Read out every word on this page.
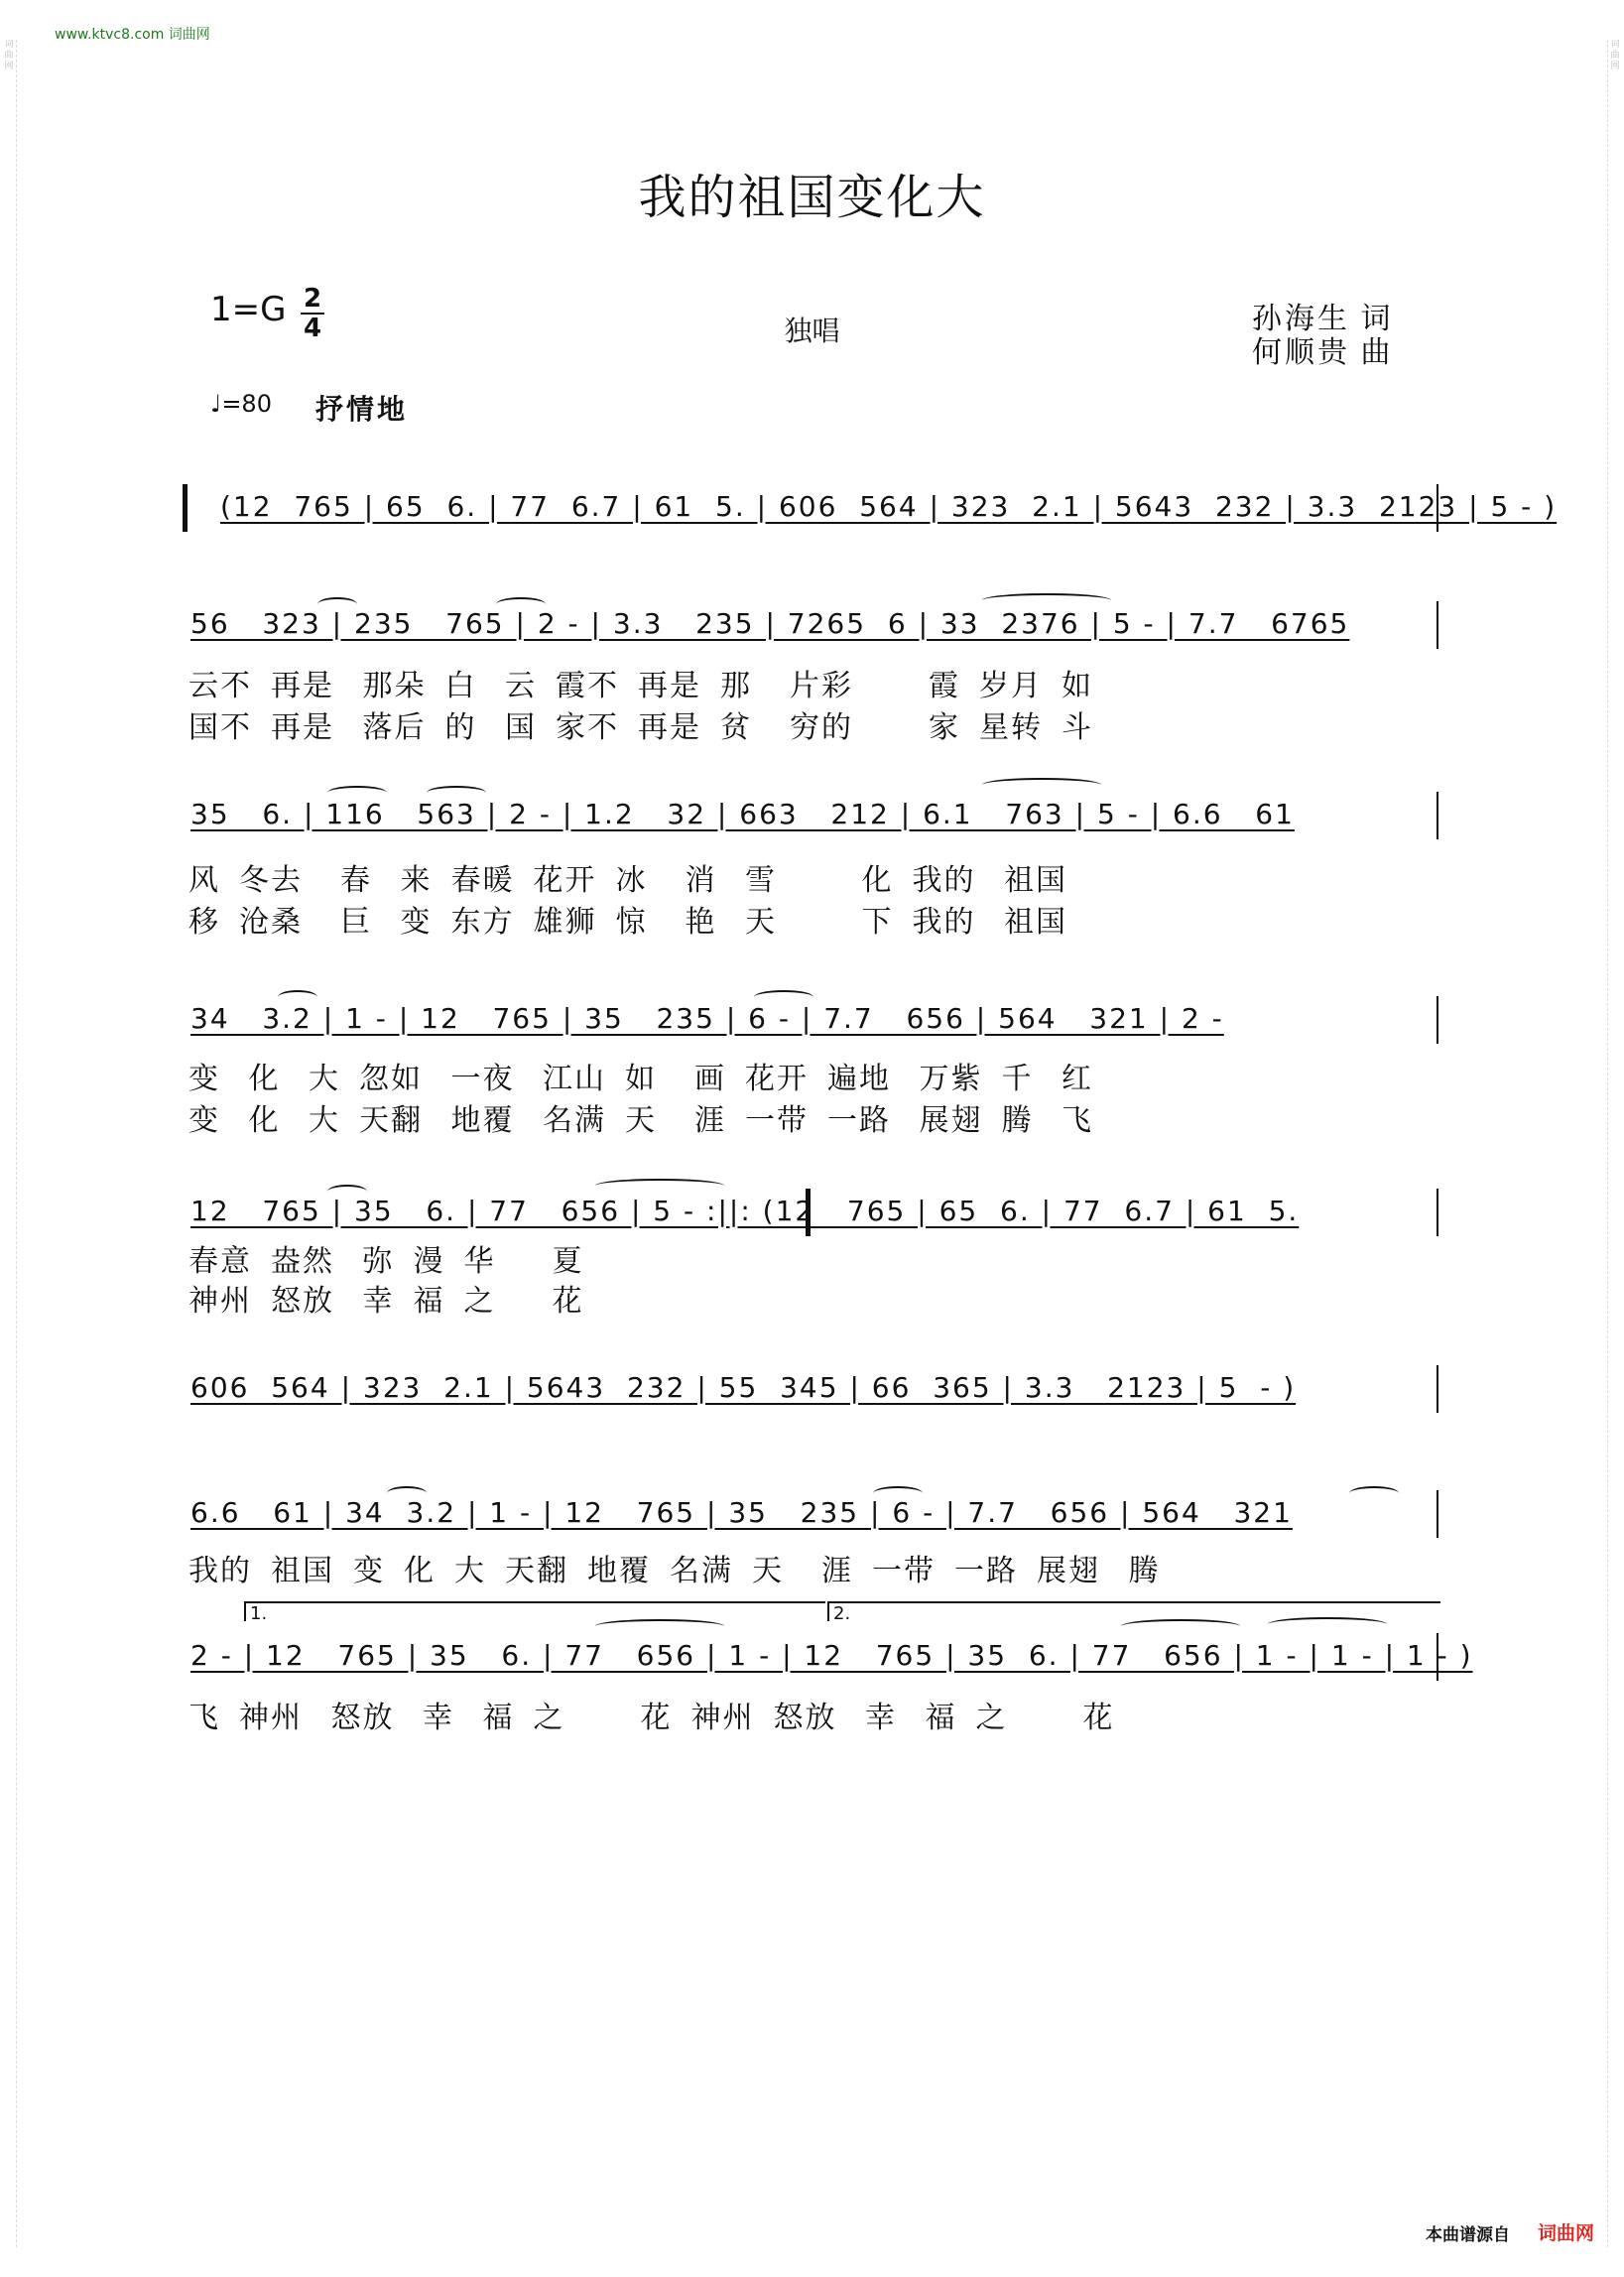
www.ktvc8.com 词曲网
词曲网
词曲网
我的祖国变化大
1=G 2
4	独唱	孙海生 词
何顺贵 曲
♩=80 抒情地
(12  765 | 65  6. | 77  6.7 | 61  5. | 606  564 | 323  2.1 | 5643  232 | 3.3  2123 | 5 - )
56   323 | 235   765 | 2 - | 3.3   235 | 7265  6 | 33  2376 | 5 - | 7.7   6765
云不  再是   那朵  白   云  霞不  再是  那    片彩        霞  岁月  如
国不  再是   落后  的   国  家不  再是  贫    穷的        家  星转  斗
35   6. | 116   563 | 2 - | 1.2   32 | 663   212 | 6.1   763 | 5 - | 6.6   61
风  冬去    春   来  春暖  花开  冰    消   雪         化  我的   祖国
移  沧桑    巨   变  东方  雄狮  惊    艳   天         下  我的   祖国
34   3.2 | 1 - | 12   765 | 35   235 | 6 - | 7.7   656 | 564   321 | 2 -
变   化   大  忽如   一夜   江山  如    画  花开  遍地   万紫  千   红
变   化   大  天翻   地覆   名满  天    涯  一带  一路   展翅  腾   飞
12   765 | 35   6. | 77   656 | 5 - :||: (12   765 | 65  6. | 77  6.7 | 61  5.
春意  盎然   弥  漫  华      夏
神州  怒放   幸  福  之      花
606  564 | 323  2.1 | 5643  232 | 55  345 | 66  365 | 3.3   2123 | 5  - )
6.6   61 | 34  3.2 | 1 - | 12   765 | 35   235 | 6 - | 7.7   656 | 564   321
我的  祖国  变  化  大  天翻  地覆  名满  天    涯  一带  一路  展翅   腾
1.	2.
2 - | 12   765 | 35   6. | 77   656 | 1 - | 12   765 | 35  6. | 77   656 | 1 - | 1 - | 1 - )
飞  神州   怒放   幸   福  之        花  神州  怒放   幸   福  之        花
本曲谱源自 词曲网
